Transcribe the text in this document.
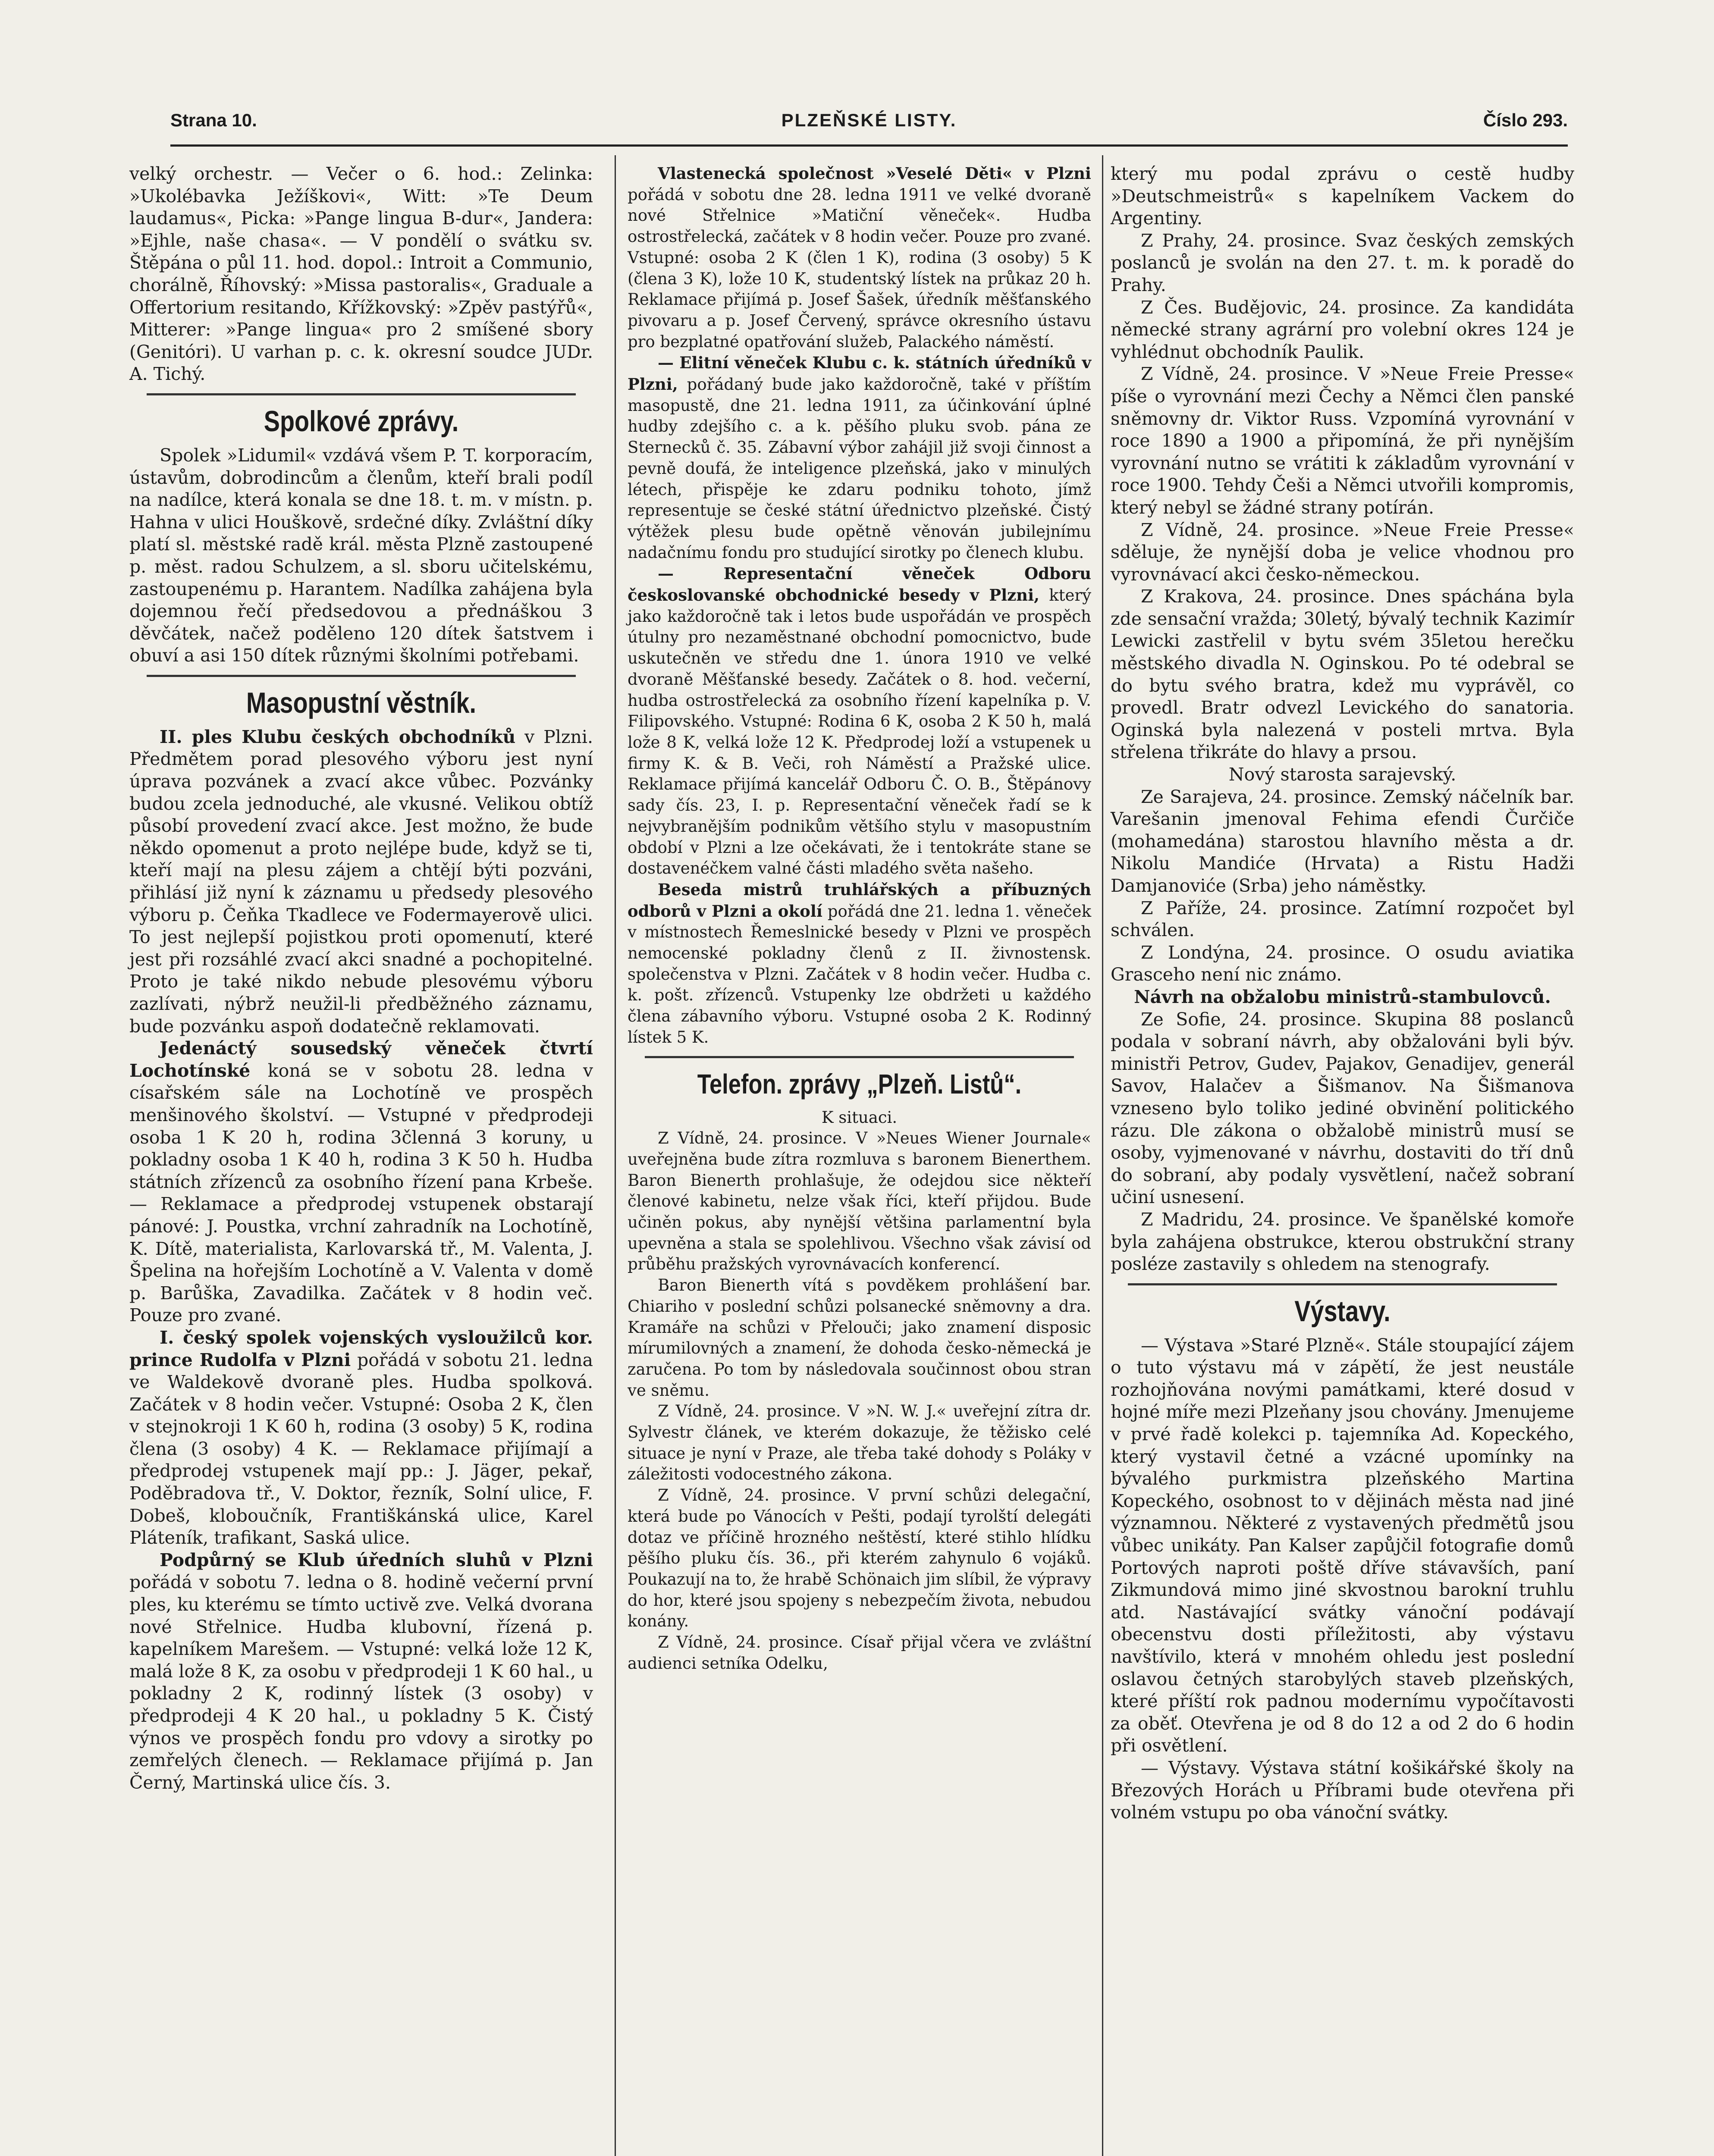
Strana 10.	PLZEŇSKÉ LISTY.	Číslo 293.

velký orchestr. — Večer o 6. hod.: Zelinka: »Ukolébavka Ježíškovi«, Witt: »Te Deum laudamus«, Picka: »Pange lingua B-dur«, Jandera: »Ejhle, naše chasa«. — V pondělí o svátku sv. Štěpána o půl 11. hod. dopol.: Introit a Communio, chorálně, Říhovský: »Missa pastoralis«, Graduale a Offertorium resitando, Křížkovský: »Zpěv pastýřů«, Mitterer: »Pange lingua« pro 2 smíšené sbory (Genitóri). U varhan p. c. k. okresní soudce JUDr. A. Tichý.

Spolkové zprávy.

Spolek »Lidumil« vzdává všem P. T. korporacím, ústavům, dobrodincům a členům, kteří brali podíl na nadílce, která konala se dne 18. t. m. v místn. p. Hahna v ulici Houškově, srdečné díky. Zvláštní díky platí sl. městské radě král. města Plzně zastoupené p. měst. radou Schulzem, a sl. sboru učitelskému, zastoupenému p. Harantem. Nadílka zahájena byla dojemnou řečí předsedovou a přednáškou 3 děvčátek, načež poděleno 120 dítek šatstvem i obuví a asi 150 dítek různými školními potřebami.

Masopustní věstník.

II. ples Klubu českých obchodníků v Plzni. Předmětem porad plesového výboru jest nyní úprava pozvánek a zvací akce vůbec. Pozvánky budou zcela jednoduché, ale vkusné. Velikou obtíž působí provedení zvací akce. Jest možno, že bude někdo opomenut a proto nejlépe bude, když se ti, kteří mají na plesu zájem a chtějí býti pozváni, přihlásí již nyní k záznamu u předsedy plesového výboru p. Čeňka Tkadlece ve Fodermayerově ulici. To jest nejlepší pojistkou proti opomenutí, které jest při rozsáhlé zvací akci snadné a pochopitelné. Proto je také nikdo nebude plesovému výboru zazlívati, nýbrž neužil-li předběžného záznamu, bude pozvánku aspoň dodatečně reklamovati.

Jedenáctý sousedský věneček čtvrtí Lochotínské koná se v sobotu 28. ledna v císařském sále na Lochotíně ve prospěch menšinového školství. — Vstupné v předprodeji osoba 1 K 20 h, rodina 3členná 3 koruny, u pokladny osoba 1 K 40 h, rodina 3 K 50 h. Hudba státních zřízenců za osobního řízení pana Krbeše. — Reklamace a předprodej vstupenek obstarají pánové: J. Poustka, vrchní zahradník na Lochotíně, K. Dítě, materialista, Karlovarská tř., M. Valenta, J. Špelina na hořejším Lochotíně a V. Valenta v domě p. Barůška, Zavadilka. Začátek v 8 hodin več. Pouze pro zvané.

I. český spolek vojenských vysloužilců kor. prince Rudolfa v Plzni pořádá v sobotu 21. ledna ve Waldekově dvoraně ples. Hudba spolková. Začátek v 8 hodin večer. Vstupné: Osoba 2 K, člen v stejnokroji 1 K 60 h, rodina (3 osoby) 5 K, rodina člena (3 osoby) 4 K. — Reklamace přijímají a předprodej vstupenek mají pp.: J. Jäger, pekař, Poděbradova tř., V. Doktor, řezník, Solní ulice, F. Dobeš, kloboučník, Františkánská ulice, Karel Pláteník, trafikant, Saská ulice.

Podpůrný se Klub úředních sluhů v Plzni pořádá v sobotu 7. ledna o 8. hodině večerní první ples, ku kterému se tímto uctivě zve. Velká dvorana nové Střelnice. Hudba klubovní, řízená p. kapelníkem Marešem. — Vstupné: velká lože 12 K, malá lože 8 K, za osobu v předprodeji 1 K 60 hal., u pokladny 2 K, rodinný lístek (3 osoby) v předprodeji 4 K 20 hal., u pokladny 5 K. Čistý výnos ve prospěch fondu pro vdovy a sirotky po zemřelých členech. — Reklamace přijímá p. Jan Černý, Martinská ulice čís. 3.

Vlastenecká společnost »Veselé Děti« v Plzni pořádá v sobotu dne 28. ledna 1911 ve velké dvoraně nové Střelnice »Matiční věneček«. Hudba ostrostřelecká, začátek v 8 hodin večer. Pouze pro zvané. Vstupné: osoba 2 K (člen 1 K), rodina (3 osoby) 5 K (člena 3 K), lože 10 K, studentský lístek na průkaz 20 h. Reklamace přijímá p. Josef Šašek, úředník měšťanského pivovaru a p. Josef Červený, správce okresního ústavu pro bezplatné opatřování služeb, Palackého náměstí.

— Elitní věneček Klubu c. k. státních úředníků v Plzni, pořádaný bude jako každoročně, také v příštím masopustě, dne 21. ledna 1911, za účinkování úplné hudby zdejšího c. a k. pěšího pluku svob. pána ze Sternecků č. 35. Zábavní výbor zahájil již svoji činnost a pevně doufá, že inteligence plzeňská, jako v minulých létech, přispěje ke zdaru podniku tohoto, jímž representuje se české státní úřednictvo plzeňské. Čistý výtěžek plesu bude opětně věnován jubilejnímu nadačnímu fondu pro studující sirotky po členech klubu.

— Representační věneček Odboru českoslovanské obchodnické besedy v Plzni, který jako každoročně tak i letos bude uspořádán ve prospěch útulny pro nezaměstnané obchodní pomocnictvo, bude uskutečněn ve středu dne 1. února 1910 ve velké dvoraně Měšťanské besedy. Začátek o 8. hod. večerní, hudba ostrostřelecká za osobního řízení kapelníka p. V. Filipovského. Vstupné: Rodina 6 K, osoba 2 K 50 h, malá lože 8 K, velká lože 12 K. Předprodej loží a vstupenek u firmy K. & B. Veči, roh Náměstí a Pražské ulice. Reklamace přijímá kancelář Odboru Č. O. B., Štěpánovy sady čís. 23, I. p. Representační věneček řadí se k nejvybranějším podnikům většího stylu v masopustním období v Plzni a lze očekávati, že i tentokráte stane se dostavenéčkem valné části mladého světa našeho.

Beseda mistrů truhlářských a příbuzných odborů v Plzni a okolí pořádá dne 21. ledna 1. věneček v místnostech Řemeslnické besedy v Plzni ve prospěch nemocenské pokladny členů z II. živnostensk. společenstva v Plzni. Začátek v 8 hodin večer. Hudba c. k. pošt. zřízenců. Vstupenky lze obdržeti u každého člena zábavního výboru. Vstupné osoba 2 K. Rodinný lístek 5 K.

Telefon. zprávy „Plzeň. Listů“.

K situaci.

Z Vídně, 24. prosince. V »Neues Wiener Journale« uveřejněna bude zítra rozmluva s baronem Bienerthem. Baron Bienerth prohlašuje, že odejdou sice někteří členové kabinetu, nelze však říci, kteří přijdou. Bude učiněn pokus, aby nynější většina parlamentní byla upevněna a stala se spolehlivou. Všechno však závisí od průběhu pražských vyrovnávacích konferencí.

Baron Bienerth vítá s povděkem prohlášení bar. Chiariho v poslední schůzi polsanecké sněmovny a dra. Kramáře na schůzi v Přelouči; jako znamení disposic mírumilovných a znamení, že dohoda česko-německá je zaručena. Po tom by následovala součinnost obou stran ve sněmu.

Z Vídně, 24. prosince. V »N. W. J.« uveřejní zítra dr. Sylvestr článek, ve kterém dokazuje, že těžisko celé situace je nyní v Praze, ale třeba také dohody s Poláky v záležitosti vodocestného zákona.

Z Vídně, 24. prosince. V první schůzi delegační, která bude po Vánocích v Pešti, podají tyrolští delegáti dotaz ve příčině hrozného neštěstí, které stihlo hlídku pěšího pluku čís. 36., při kterém zahynulo 6 vojáků. Poukazují na to, že hrabě Schönaich jim slíbil, že výpravy do hor, které jsou spojeny s nebezpečím života, nebudou konány.

Z Vídně, 24. prosince. Císař přijal včera ve zvláštní audienci setníka Odelku,

který mu podal zprávu o cestě hudby »Deutschmeistrů« s kapelníkem Vackem do Argentiny.

Z Prahy, 24. prosince. Svaz českých zemských poslanců je svolán na den 27. t. m. k poradě do Prahy.

Z Čes. Budějovic, 24. prosince. Za kandidáta německé strany agrární pro volební okres 124 je vyhlédnut obchodník Paulik.

Z Vídně, 24. prosince. V »Neue Freie Presse« píše o vyrovnání mezi Čechy a Němci člen panské sněmovny dr. Viktor Russ. Vzpomíná vyrovnání v roce 1890 a 1900 a připomíná, že při nynějším vyrovnání nutno se vrátiti k základům vyrovnání v roce 1900. Tehdy Češi a Němci utvořili kompromis, který nebyl se žádné strany potírán.

Z Vídně, 24. prosince. »Neue Freie Presse« sděluje, že nynější doba je velice vhodnou pro vyrovnávací akci česko-německou.

Z Krakova, 24. prosince. Dnes spáchána byla zde sensační vražda; 30letý, bývalý technik Kazimír Lewicki zastřelil v bytu svém 35letou herečku městského divadla N. Oginskou. Po té odebral se do bytu svého bratra, kdež mu vyprávěl, co provedl. Bratr odvezl Levického do sanatoria. Oginská byla nalezená v posteli mrtva. Byla střelena třikráte do hlavy a prsou.

Nový starosta sarajevský.

Ze Sarajeva, 24. prosince. Zemský náčelník bar. Varešanin jmenoval Fehima efendi Čurčiče (mohamedána) starostou hlavního města a dr. Nikolu Mandiće (Hrvata) a Ristu Hadži Damjanoviće (Srba) jeho náměstky.

Z Paříže, 24. prosince. Zatímní rozpočet byl schválen.

Z Londýna, 24. prosince. O osudu aviatika Grasceho není nic známo.

Návrh na obžalobu ministrů-stambulovců.

Ze Sofie, 24. prosince. Skupina 88 poslanců podala v sobraní návrh, aby obžalováni byli býv. ministři Petrov, Gudev, Pajakov, Genadijev, generál Savov, Halačev a Šišmanov. Na Šišmanova vzneseno bylo toliko jediné obvinění politického rázu. Dle zákona o obžalobě ministrů musí se osoby, vyjmenované v návrhu, dostaviti do tří dnů do sobraní, aby podaly vysvětlení, načež sobraní učiní usnesení.

Z Madridu, 24. prosince. Ve španělské komoře byla zahájena obstrukce, kterou obstrukční strany posléze zastavily s ohledem na stenografy.

Výstavy.

— Výstava »Staré Plzně«. Stále stoupající zájem o tuto výstavu má v zápětí, že jest neustále rozhojňována novými památkami, které dosud v hojné míře mezi Plzeňany jsou chovány. Jmenujeme v prvé řadě kolekci p. tajemníka Ad. Kopeckého, který vystavil četné a vzácné upomínky na bývalého purkmistra plzeňského Martina Kopeckého, osobnost to v dějinách města nad jiné významnou. Některé z vystavených předmětů jsou vůbec unikáty. Pan Kalser zapůjčil fotografie domů Portových naproti poště dříve stávavších, paní Zikmundová mimo jiné skvostnou barokní truhlu atd. Nastávající svátky vánoční podávají obecenstvu dosti příležitosti, aby výstavu navštívilo, která v mnohém ohledu jest poslední oslavou četných starobylých staveb plzeňských, které příští rok padnou modernímu vypočítavosti za oběť. Otevřena je od 8 do 12 a od 2 do 6 hodin při osvětlení.

— Výstavy. Výstava státní košikářské školy na Březových Horách u Příbrami bude otevřena při volném vstupu po oba vánoční svátky.
